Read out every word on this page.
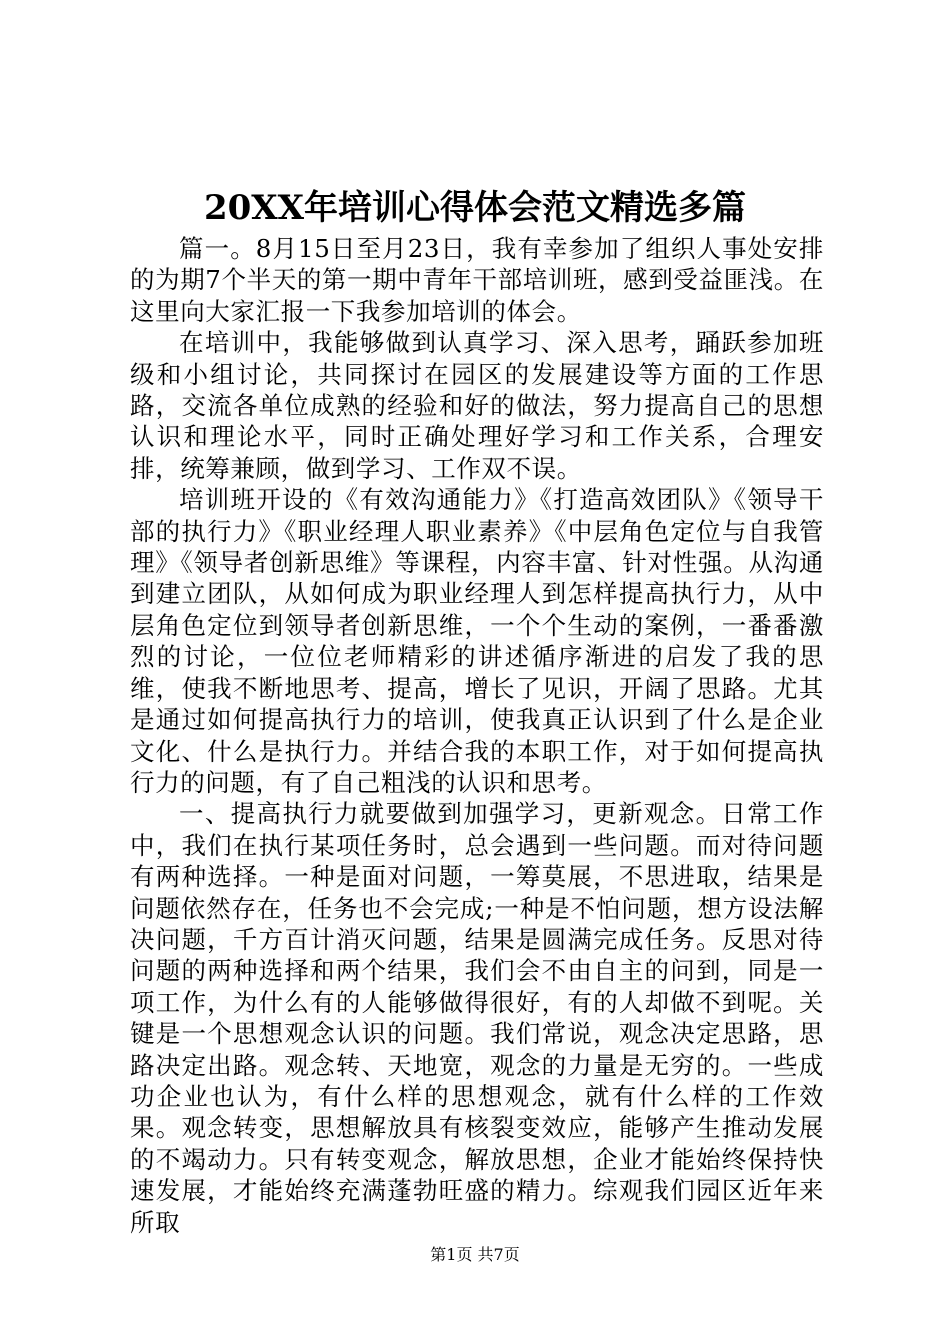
20XX年培训心得体会范文精选多篇

篇一。8月15日至月23日，我有幸参加了组织人事处安排的为期7个半天的第一期中青年干部培训班，感到受益匪浅。在这里向大家汇报一下我参加培训的体会。

在培训中，我能够做到认真学习、深入思考，踊跃参加班级和小组讨论，共同探讨在园区的发展建设等方面的工作思路，交流各单位成熟的经验和好的做法，努力提高自己的思想认识和理论水平，同时正确处理好学习和工作关系，合理安排，统筹兼顾，做到学习、工作双不误。

培训班开设的《有效沟通能力》《打造高效团队》《领导干部的执行力》《职业经理人职业素养》《中层角色定位与自我管理》《领导者创新思维》等课程，内容丰富、针对性强。从沟通到建立团队，从如何成为职业经理人到怎样提高执行力，从中层角色定位到领导者创新思维，一个个生动的案例，一番番激烈的讨论，一位位老师精彩的讲述循序渐进的启发了我的思维，使我不断地思考、提高，增长了见识，开阔了思路。尤其是通过如何提高执行力的培训，使我真正认识到了什么是企业文化、什么是执行力。并结合我的本职工作，对于如何提高执行力的问题，有了自己粗浅的认识和思考。

一、提高执行力就要做到加强学习，更新观念。日常工作中，我们在执行某项任务时，总会遇到一些问题。而对待问题有两种选择。一种是面对问题，一筹莫展，不思进取，结果是问题依然存在，任务也不会完成;一种是不怕问题，想方设法解决问题，千方百计消灭问题，结果是圆满完成任务。反思对待问题的两种选择和两个结果，我们会不由自主的问到，同是一项工作，为什么有的人能够做得很好，有的人却做不到呢。关键是一个思想观念认识的问题。我们常说，观念决定思路，思路决定出路。观念转、天地宽，观念的力量是无穷的。一些成功企业也认为，有什么样的思想观念，就有什么样的工作效果。观念转变，思想解放具有核裂变效应，能够产生推动发展的不竭动力。只有转变观念，解放思想，企业才能始终保持快速发展，才能始终充满蓬勃旺盛的精力。综观我们园区近年来所取

第1页 共7页
